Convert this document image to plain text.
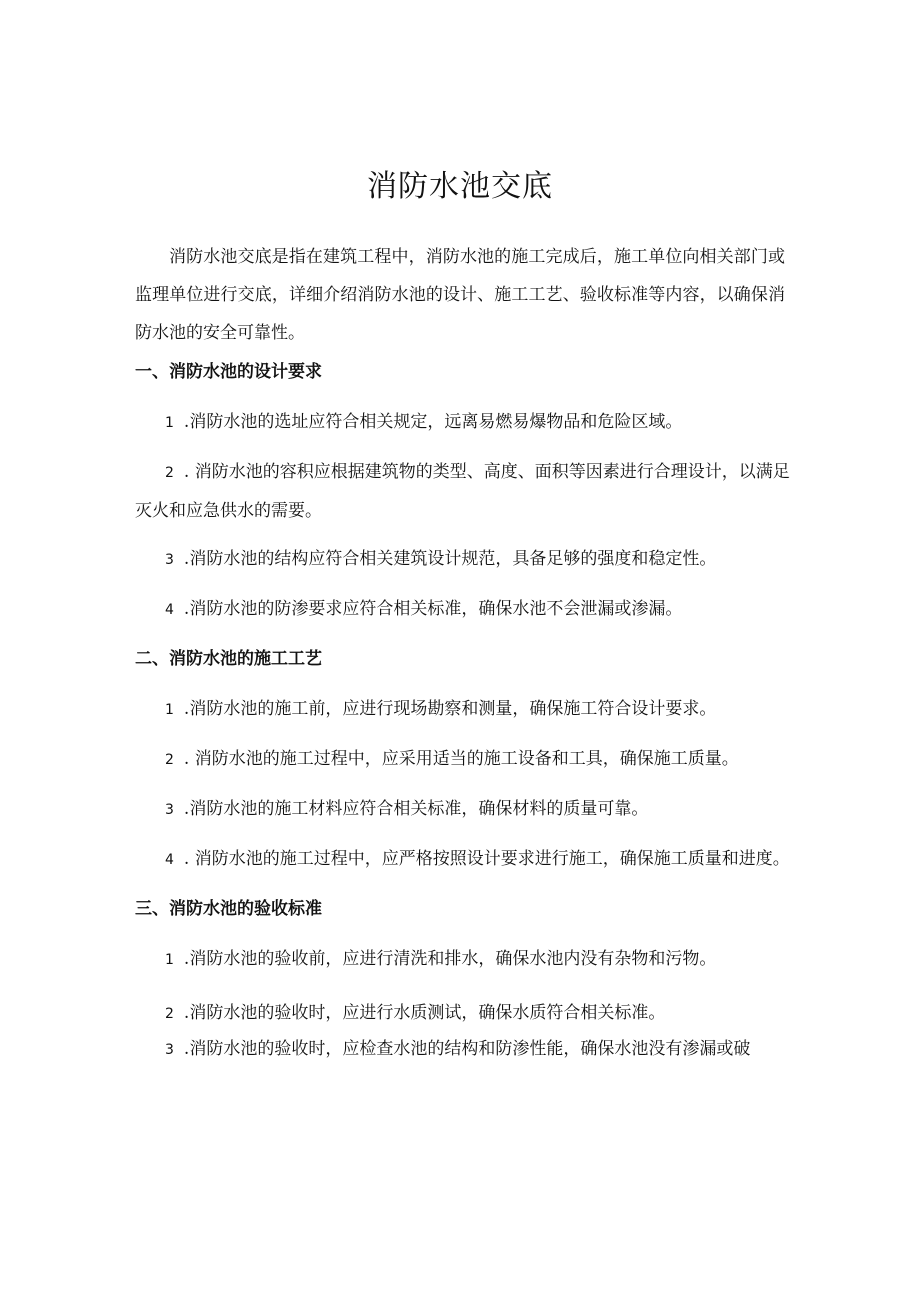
消防水池交底
消防水池交底是指在建筑工程中，消防水池的施工完成后，施工单位向相关部门或监理单位进行交底，详细介绍消防水池的设计、施工工艺、验收标准等内容，以确保消防水池的安全可靠性。
一、消防水池的设计要求
1 .消防水池的选址应符合相关规定，远离易燃易爆物品和危险区域。
2 . 消防水池的容积应根据建筑物的类型、高度、面积等因素进行合理设计，以满足灭火和应急供水的需要。
3 .消防水池的结构应符合相关建筑设计规范，具备足够的强度和稳定性。
4 .消防水池的防渗要求应符合相关标准，确保水池不会泄漏或渗漏。
二、消防水池的施工工艺
1 .消防水池的施工前，应进行现场勘察和测量，确保施工符合设计要求。
2 . 消防水池的施工过程中，应采用适当的施工设备和工具，确保施工质量。
3 .消防水池的施工材料应符合相关标准，确保材料的质量可靠。
4 . 消防水池的施工过程中，应严格按照设计要求进行施工，确保施工质量和进度。
三、消防水池的验收标准
1 .消防水池的验收前，应进行清洗和排水，确保水池内没有杂物和污物。
2 .消防水池的验收时，应进行水质测试，确保水质符合相关标准。
3 .消防水池的验收时，应检查水池的结构和防渗性能，确保水池没有渗漏或破
